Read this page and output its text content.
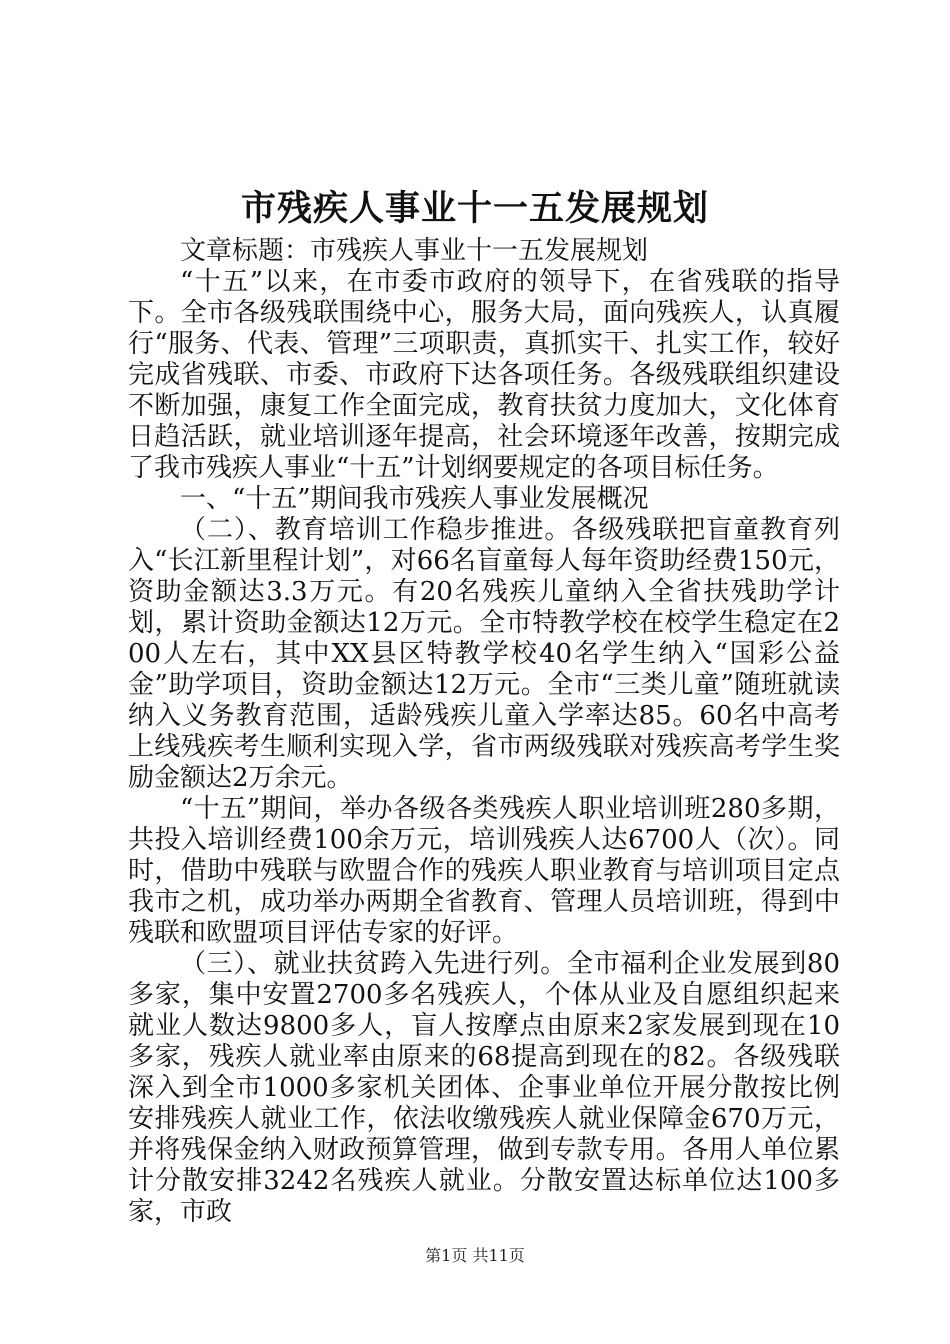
市残疾人事业十一五发展规划

文章标题：市残疾人事业十一五发展规划

“十五”以来，在市委市政府的领导下，在省残联的指导下。全市各级残联围绕中心，服务大局，面向残疾人，认真履行“服务、代表、管理”三项职责，真抓实干、扎实工作，较好完成省残联、市委、市政府下达各项任务。各级残联组织建设不断加强，康复工作全面完成，教育扶贫力度加大，文化体育日趋活跃，就业培训逐年提高，社会环境逐年改善，按期完成了我市残疾人事业“十五”计划纲要规定的各项目标任务。

一、“十五”期间我市残疾人事业发展概况

（二）、教育培训工作稳步推进。各级残联把盲童教育列入“长江新里程计划”，对66名盲童每人每年资助经费150元，资助金额达3.3万元。有20名残疾儿童纳入全省扶残助学计划，累计资助金额达12万元。全市特教学校在校学生稳定在200人左右，其中XX县区特教学校40名学生纳入“国彩公益金”助学项目，资助金额达12万元。全市“三类儿童”随班就读纳入义务教育范围，适龄残疾儿童入学率达85。60名中高考上线残疾考生顺利实现入学，省市两级残联对残疾高考学生奖励金额达2万余元。

“十五”期间，举办各级各类残疾人职业培训班280多期，共投入培训经费100余万元，培训残疾人达6700人（次）。同时，借助中残联与欧盟合作的残疾人职业教育与培训项目定点我市之机，成功举办两期全省教育、管理人员培训班，得到中残联和欧盟项目评估专家的好评。

（三）、就业扶贫跨入先进行列。全市福利企业发展到80多家，集中安置2700多名残疾人，个体从业及自愿组织起来就业人数达9800多人，盲人按摩点由原来2家发展到现在10多家，残疾人就业率由原来的68提高到现在的82。各级残联深入到全市1000多家机关团体、企事业单位开展分散按比例安排残疾人就业工作，依法收缴残疾人就业保障金670万元，并将残保金纳入财政预算管理，做到专款专用。各用人单位累计分散安排3242名残疾人就业。分散安置达标单位达100多家，市政

第1页 共11页
